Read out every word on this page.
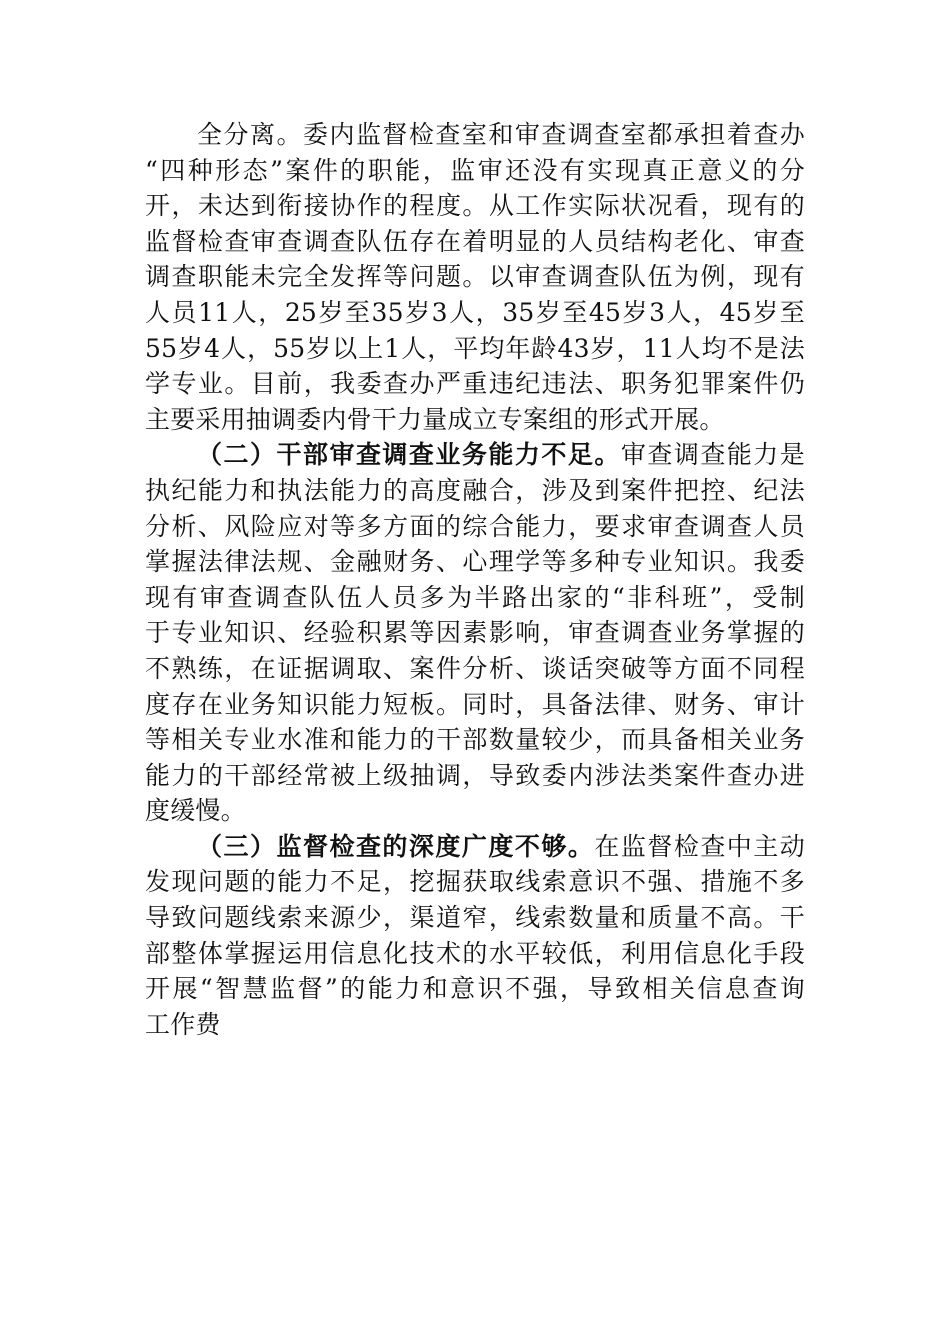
全分离。委内监督检查室和审查调查室都承担着查办
“四种形态”案件的职能，监审还没有实现真正意义的分
开，未达到衔接协作的程度。从工作实际状况看，现有的
监督检查审查调查队伍存在着明显的人员结构老化、审查
调查职能未完全发挥等问题。以审查调查队伍为例，现有
人员11人，25岁至35岁3人，35岁至45岁3人，45岁至
55岁4人，55岁以上1人，平均年龄43岁，11人均不是法
学专业。目前，我委查办严重违纪违法、职务犯罪案件仍
主要采用抽调委内骨干力量成立专案组的形式开展。
（二）干部审查调查业务能力不足。审查调查能力是
执纪能力和执法能力的高度融合，涉及到案件把控、纪法
分析、风险应对等多方面的综合能力，要求审查调查人员
掌握法律法规、金融财务、心理学等多种专业知识。我委
现有审查调查队伍人员多为半路出家的“非科班”，受制
于专业知识、经验积累等因素影响，审查调查业务掌握的
不熟练，在证据调取、案件分析、谈话突破等方面不同程
度存在业务知识能力短板。同时，具备法律、财务、审计
等相关专业水准和能力的干部数量较少，而具备相关业务
能力的干部经常被上级抽调，导致委内涉法类案件查办进
度缓慢。
（三）监督检查的深度广度不够。在监督检查中主动
发现问题的能力不足，挖掘获取线索意识不强、措施不多
导致问题线索来源少，渠道窄，线索数量和质量不高。干
部整体掌握运用信息化技术的水平较低，利用信息化手段
开展“智慧监督”的能力和意识不强，导致相关信息查询
工作费
